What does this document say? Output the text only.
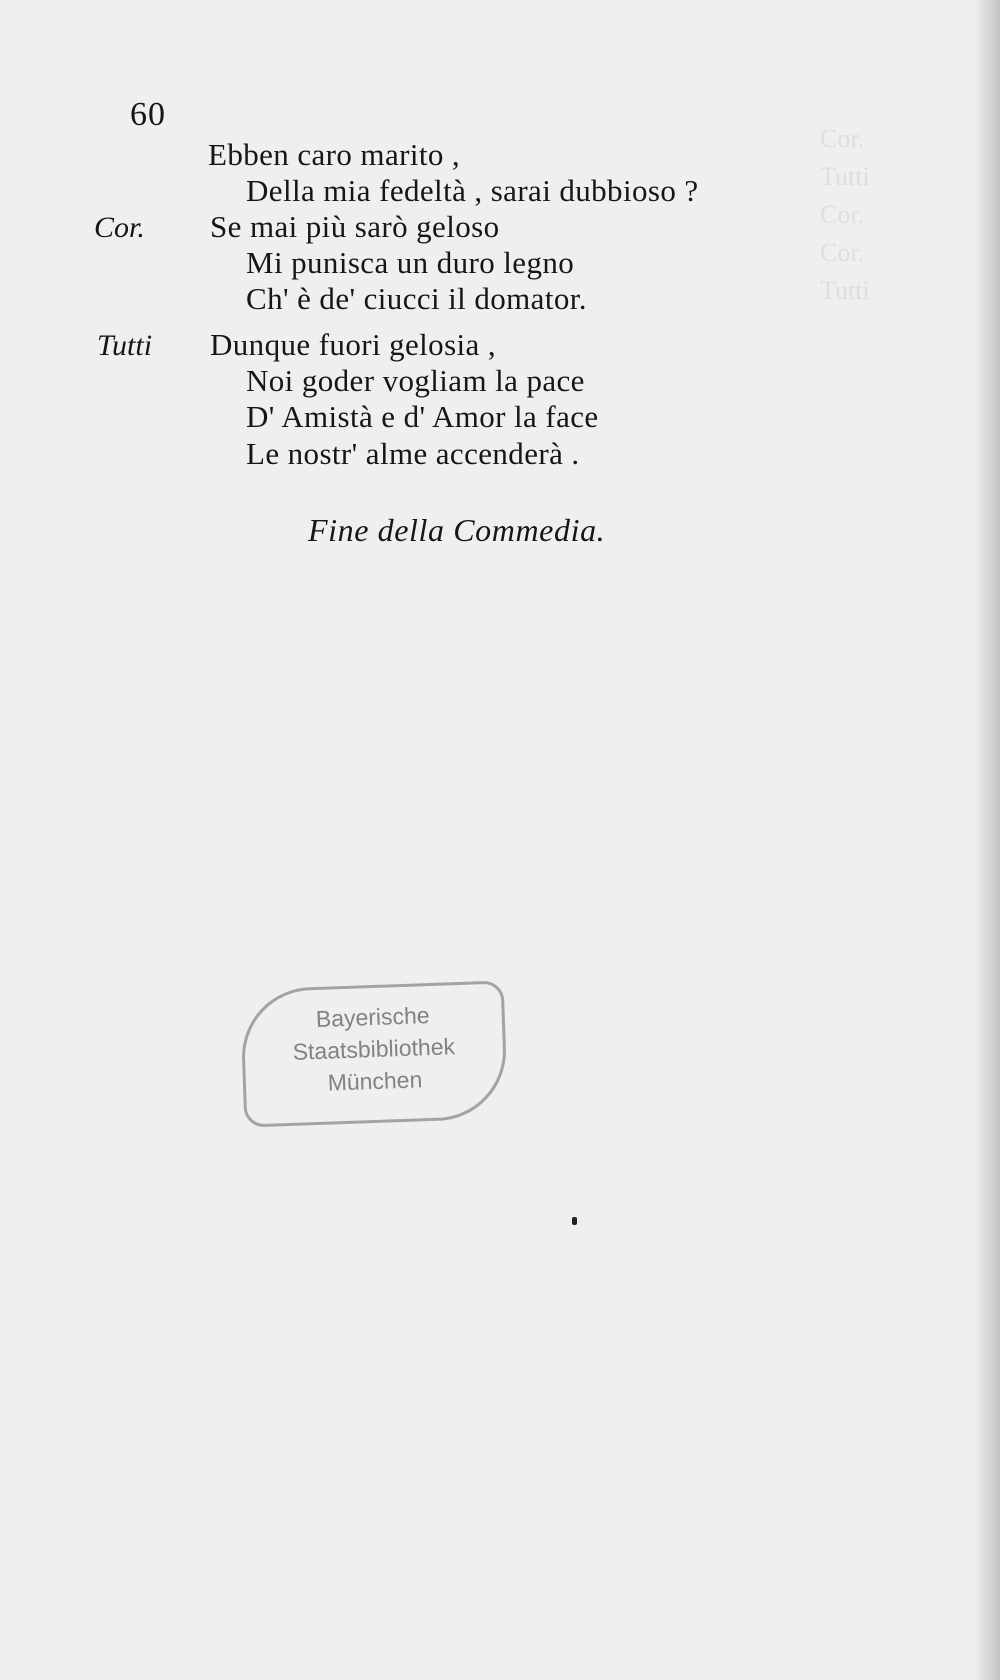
Cor.
Tutti
Cor.
Cor.
Tutti

60
Ebben caro marito ,
Della mia fedeltà , sarai dubbioso ?
Cor. Se mai più sarò geloso
Mi punisca un duro legno
Ch' è de' ciucci il domator.
Tutti Dunque fuori gelosia ,
Noi goder vogliam la pace
D' Amistà e d' Amor la face
Le nostr' alme accenderà .
Fine della Commedia.
Bayerische
Staatsbibliothek
München
